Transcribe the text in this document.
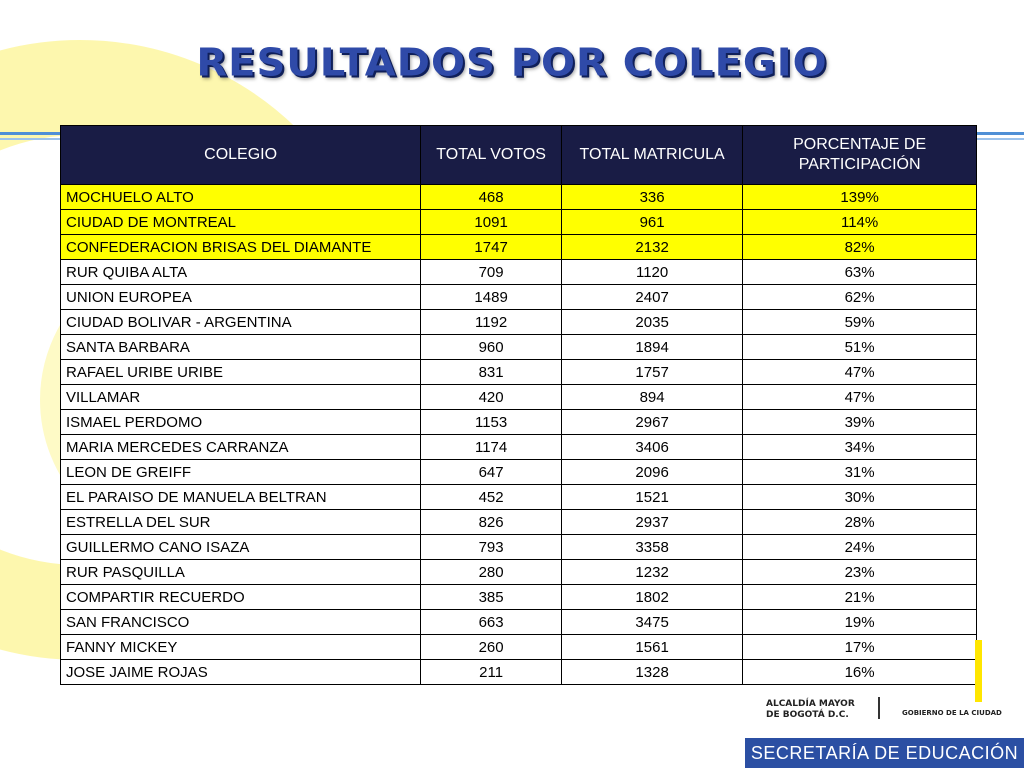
RESULTADOS POR COLEGIO
COLEGIO	TOTAL VOTOS	TOTAL MATRICULA	PORCENTAJE DE PARTICIPACIÓN
MOCHUELO ALTO	468	336	139%
CIUDAD DE MONTREAL	1091	961	114%
CONFEDERACION BRISAS DEL DIAMANTE	1747	2132	82%
RUR QUIBA ALTA	709	1120	63%
UNION EUROPEA	1489	2407	62%
CIUDAD BOLIVAR - ARGENTINA	1192	2035	59%
SANTA BARBARA	960	1894	51%
RAFAEL URIBE URIBE	831	1757	47%
VILLAMAR	420	894	47%
ISMAEL PERDOMO	1153	2967	39%
MARIA MERCEDES CARRANZA	1174	3406	34%
LEON DE GREIFF	647	2096	31%
EL PARAISO DE MANUELA BELTRAN	452	1521	30%
ESTRELLA DEL SUR	826	2937	28%
GUILLERMO CANO ISAZA	793	3358	24%
RUR PASQUILLA	280	1232	23%
COMPARTIR RECUERDO	385	1802	21%
SAN FRANCISCO	663	3475	19%
FANNY MICKEY	260	1561	17%
JOSE JAIME ROJAS	211	1328	16%
ALCALDÍA MAYOR
DE BOGOTÁ D.C.	GOBIERNO DE LA CIUDAD
SECRETARÍA DE EDUCACIÓN
